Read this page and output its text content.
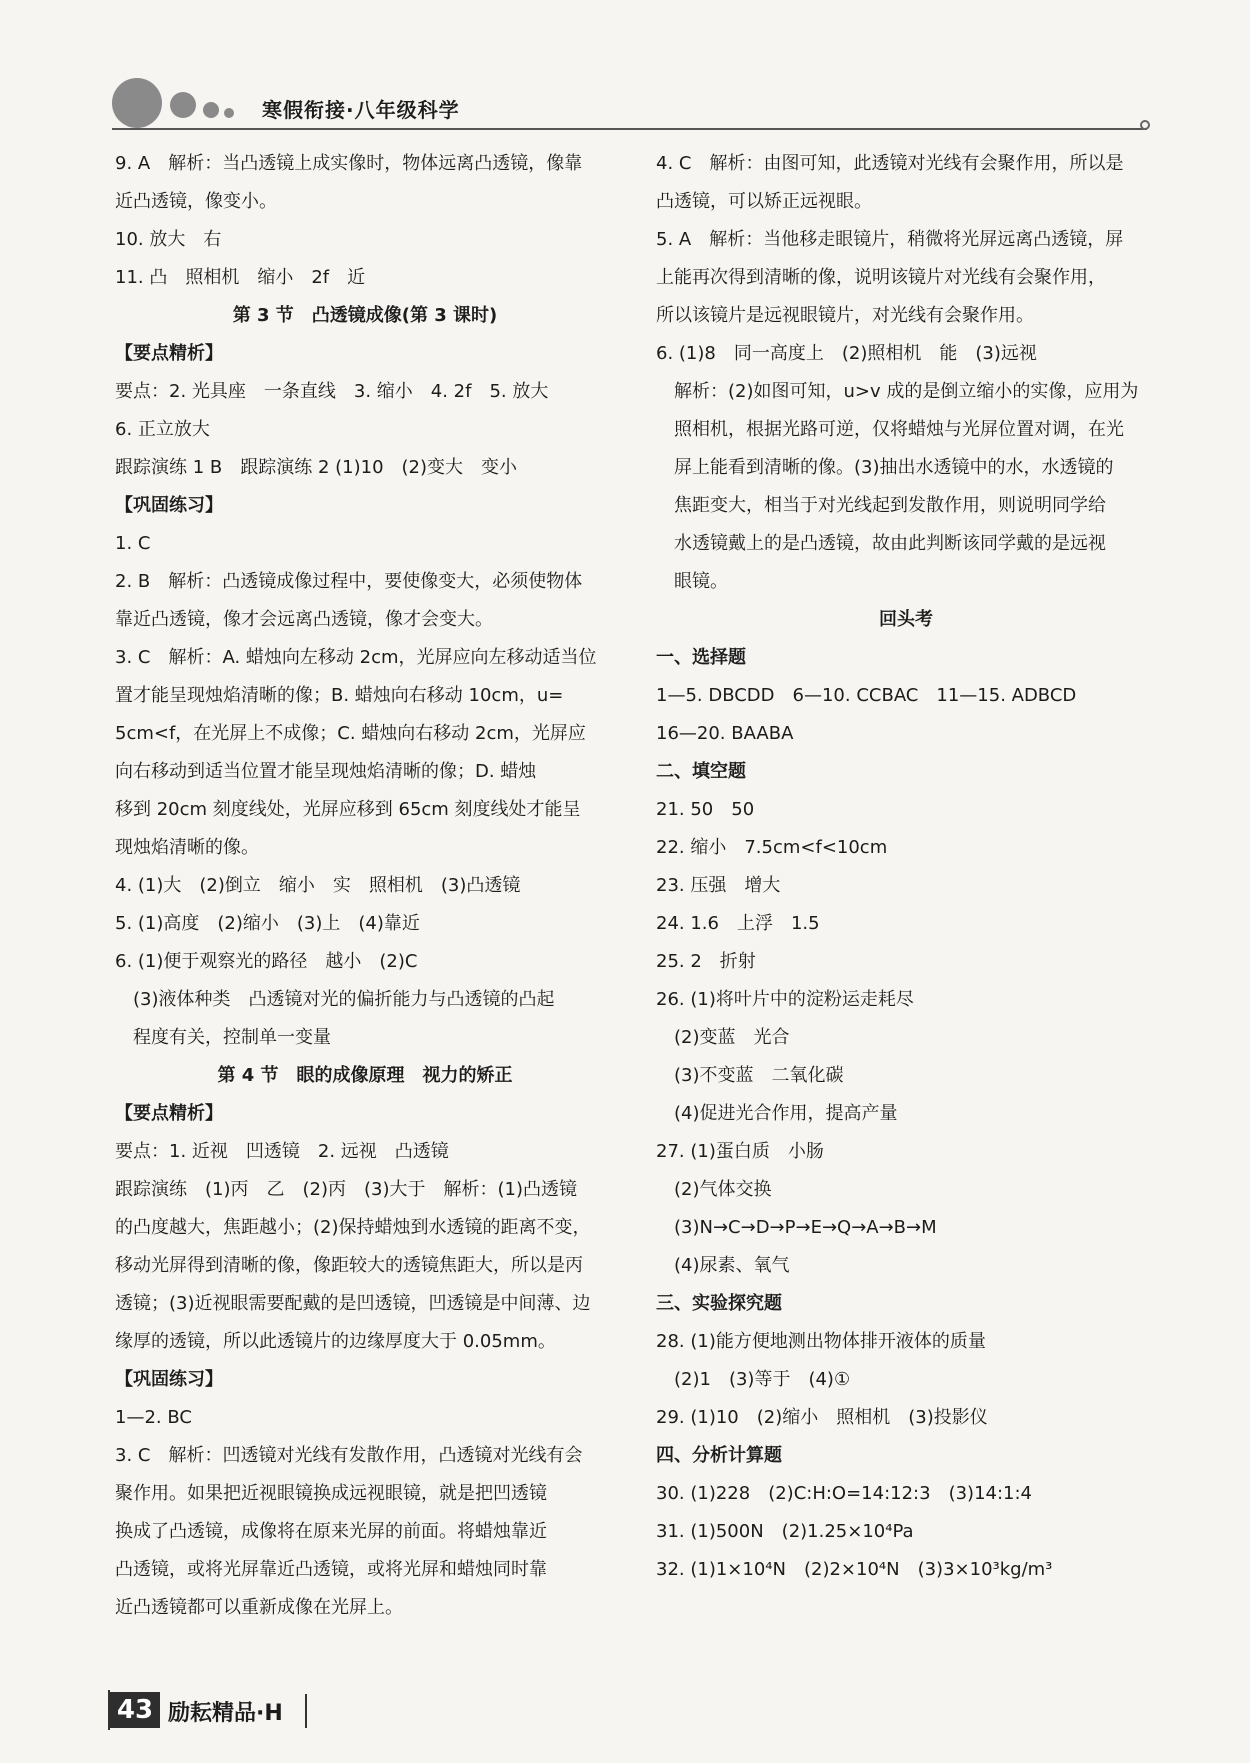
寒假衔接·八年级科学

9. A　解析：当凸透镜上成实像时，物体远离凸透镜，像靠

近凸透镜，像变小。

10. 放大　右

11. 凸　照相机　缩小　2f　近

第 3 节　凸透镜成像(第 3 课时)
【要点精析】

要点：2. 光具座　一条直线　3. 缩小　4. 2f　5. 放大

6. 正立放大

跟踪演练 1 B　跟踪演练 2 (1)10　(2)变大　变小

【巩固练习】

1. C

2. B　解析：凸透镜成像过程中，要使像变大，必须使物体

靠近凸透镜，像才会远离凸透镜，像才会变大。

3. C　解析：A. 蜡烛向左移动 2cm，光屏应向左移动适当位

置才能呈现烛焰清晰的像；B. 蜡烛向右移动 10cm，u=

5cm<f，在光屏上不成像；C. 蜡烛向右移动 2cm，光屏应

向右移动到适当位置才能呈现烛焰清晰的像；D. 蜡烛

移到 20cm 刻度线处，光屏应移到 65cm 刻度线处才能呈

现烛焰清晰的像。

4. (1)大　(2)倒立　缩小　实　照相机　(3)凸透镜

5. (1)高度　(2)缩小　(3)上　(4)靠近

6. (1)便于观察光的路径　越小　(2)C

　(3)液体种类　凸透镜对光的偏折能力与凸透镜的凸起

　程度有关，控制单一变量

第 4 节　眼的成像原理　视力的矫正
【要点精析】

要点：1. 近视　凹透镜　2. 远视　凸透镜

跟踪演练　(1)丙　乙　(2)丙　(3)大于　解析：(1)凸透镜

的凸度越大，焦距越小；(2)保持蜡烛到水透镜的距离不变，

移动光屏得到清晰的像，像距较大的透镜焦距大，所以是丙

透镜；(3)近视眼需要配戴的是凹透镜，凹透镜是中间薄、边

缘厚的透镜，所以此透镜片的边缘厚度大于 0.05mm。

【巩固练习】

1—2. BC

3. C　解析：凹透镜对光线有发散作用，凸透镜对光线有会

聚作用。如果把近视眼镜换成远视眼镜，就是把凹透镜

换成了凸透镜，成像将在原来光屏的前面。将蜡烛靠近

凸透镜，或将光屏靠近凸透镜，或将光屏和蜡烛同时靠

近凸透镜都可以重新成像在光屏上。

4. C　解析：由图可知，此透镜对光线有会聚作用，所以是

凸透镜，可以矫正远视眼。

5. A　解析：当他移走眼镜片，稍微将光屏远离凸透镜，屏

上能再次得到清晰的像，说明该镜片对光线有会聚作用，

所以该镜片是远视眼镜片，对光线有会聚作用。

6. (1)8　同一高度上　(2)照相机　能　(3)远视

　解析：(2)如图可知，u>v 成的是倒立缩小的实像，应用为

　照相机，根据光路可逆，仅将蜡烛与光屏位置对调，在光

　屏上能看到清晰的像。(3)抽出水透镜中的水，水透镜的

　焦距变大，相当于对光线起到发散作用，则说明同学给

　水透镜戴上的是凸透镜，故由此判断该同学戴的是远视

　眼镜。

回头考
一、选择题

1—5. DBCDD　6—10. CCBAC　11—15. ADBCD

16—20. BAABA

二、填空题

21. 50　50

22. 缩小　7.5cm<f<10cm

23. 压强　增大

24. 1.6　上浮　1.5

25. 2　折射

26. (1)将叶片中的淀粉运走耗尽

　(2)变蓝　光合

　(3)不变蓝　二氧化碳

　(4)促进光合作用，提高产量

27. (1)蛋白质　小肠

　(2)气体交换

　(3)N→C→D→P→E→Q→A→B→M

　(4)尿素、氧气

三、实验探究题

28. (1)能方便地测出物体排开液体的质量

　(2)1　(3)等于　(4)①

29. (1)10　(2)缩小　照相机　(3)投影仪

四、分析计算题

30. (1)228　(2)C:H:O=14:12:3　(3)14:1:4

31. (1)500N　(2)1.25×10⁴Pa

32. (1)1×10⁴N　(2)2×10⁴N　(3)3×10³kg/m³

43 励耘精品·H
